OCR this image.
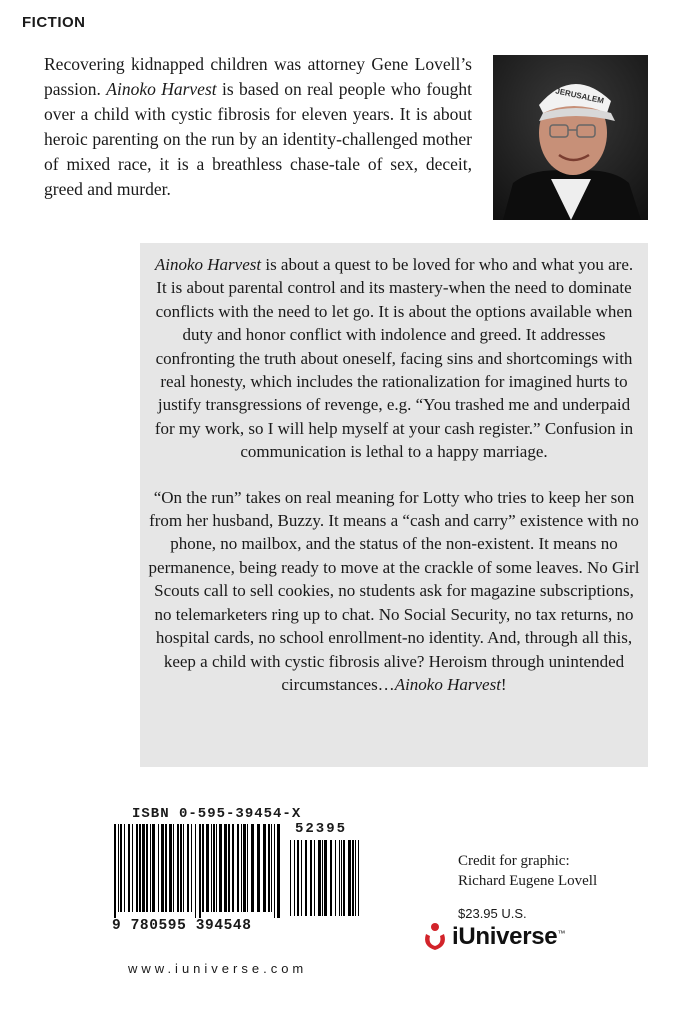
FICTION

Recovering kidnapped children was attorney Gene Lovell’s passion. Ainoko Harvest is based on real people who fought over a child with cystic fibrosis for eleven years. It is about heroic parenting on the run by an identity-challenged mother of mixed race, it is a breathless chase-tale of sex, deceit, greed and murder.

JERUSALEM

Ainoko Harvest is about a quest to be loved for who and what you are. It is about parental control and its mastery-when the need to dominate conflicts with the need to let go. It is about the options available when duty and honor conflict with indolence and greed. It addresses confronting the truth about oneself, facing sins and shortcomings with real honesty, which includes the rationalization for imagined hurts to justify transgressions of revenge, e.g. “You trashed me and underpaid for my work, so I will help myself at your cash register.” Confusion in communication is lethal to a happy marriage.

“On the run” takes on real meaning for Lotty who tries to keep her son from her husband, Buzzy. It means a “cash and carry” existence with no phone, no mailbox, and the status of the non-existent. It means no permanence, being ready to move at the crackle of some leaves. No Girl Scouts call to sell cookies, no students ask for magazine subscriptions, no telemarketers ring up to chat. No Social Security, no tax returns, no hospital cards, no school enrollment-no identity. And, through all this, keep a child with cystic fibrosis alive? Heroism through unintended circumstances…Ainoko Harvest!

ISBN 0-595-39454-X
52395
9 780595 394548
Credit for graphic:
Richard Eugene Lovell
$23.95 U.S.
iUniverse ™
www.iuniverse.com
